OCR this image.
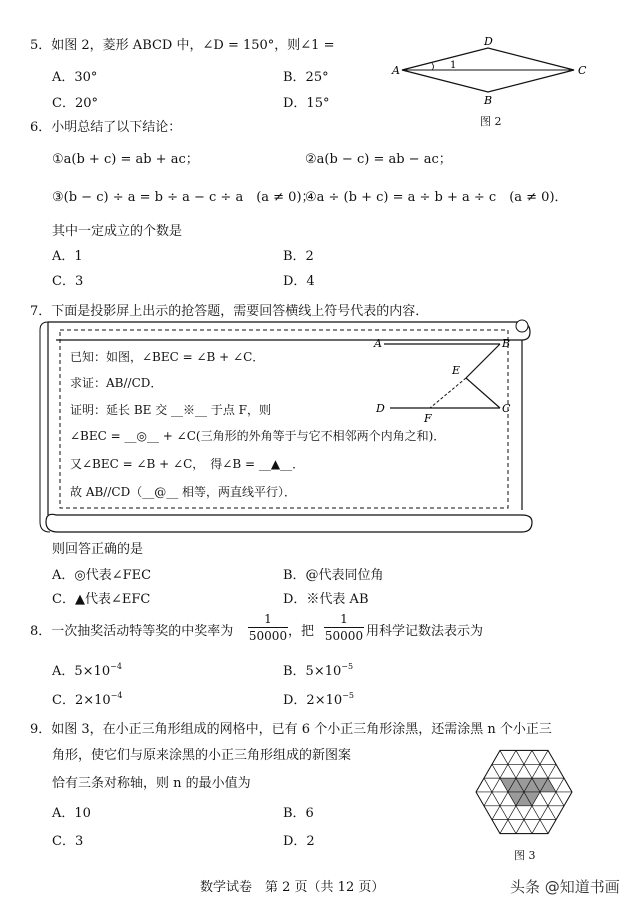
5．如图 2，菱形 ABCD 中，∠D = 150°，则∠1 =
A．30°	B．25°
C．20°	D．15°
A
D
C
B
1
图 2
6．小明总结了以下结论：
①a(b + c) = ab + ac；	②a(b − c) = ab − ac；
③(b − c) ÷ a = b ÷ a − c ÷ a　(a ≠ 0)；
④a ÷ (b + c) = a ÷ b + a ÷ c　(a ≠ 0)．
其中一定成立的个数是
A．1	B．2
C．3	D．4
7．下面是投影屏上出示的抢答题，需要回答横线上符号代表的内容．
已知：如图，∠BEC = ∠B + ∠C．
求证：AB//CD．
证明：延长 BE 交 __※__ 于点 F，则
∠BEC = __◎__ + ∠C(三角形的外角等于与它不相邻两个内角之和)．
又∠BEC = ∠B + ∠C，　得∠B = __▲__．
故 AB//CD（__@__ 相等，两直线平行）．
A	B
E
D
F
C
则回答正确的是
A．◎代表∠FEC	B．@代表同位角
C．▲代表∠EFC	D．※代表 AB
8．一次抽奖活动特等奖的中奖率为
1
50000 ，把
1
50000 用科学记数法表示为
A．$5\times 10^{-4}$	B．$5\times 10^{-5}$
C．$2\times 10^{-4}$	D．$2\times 10^{-5}$
9．如图 3，在小正三角形组成的网格中，已有 6 个小正三角形涂黑，还需涂黑 n 个小正三
角形，使它们与原来涂黑的小正三角形组成的新图案
恰有三条对称轴，则 n 的最小值为
A．10	B．6
C．3	D．2
图 3
数学试卷　第 2 页（共 12 页）	头条 @知道书画
